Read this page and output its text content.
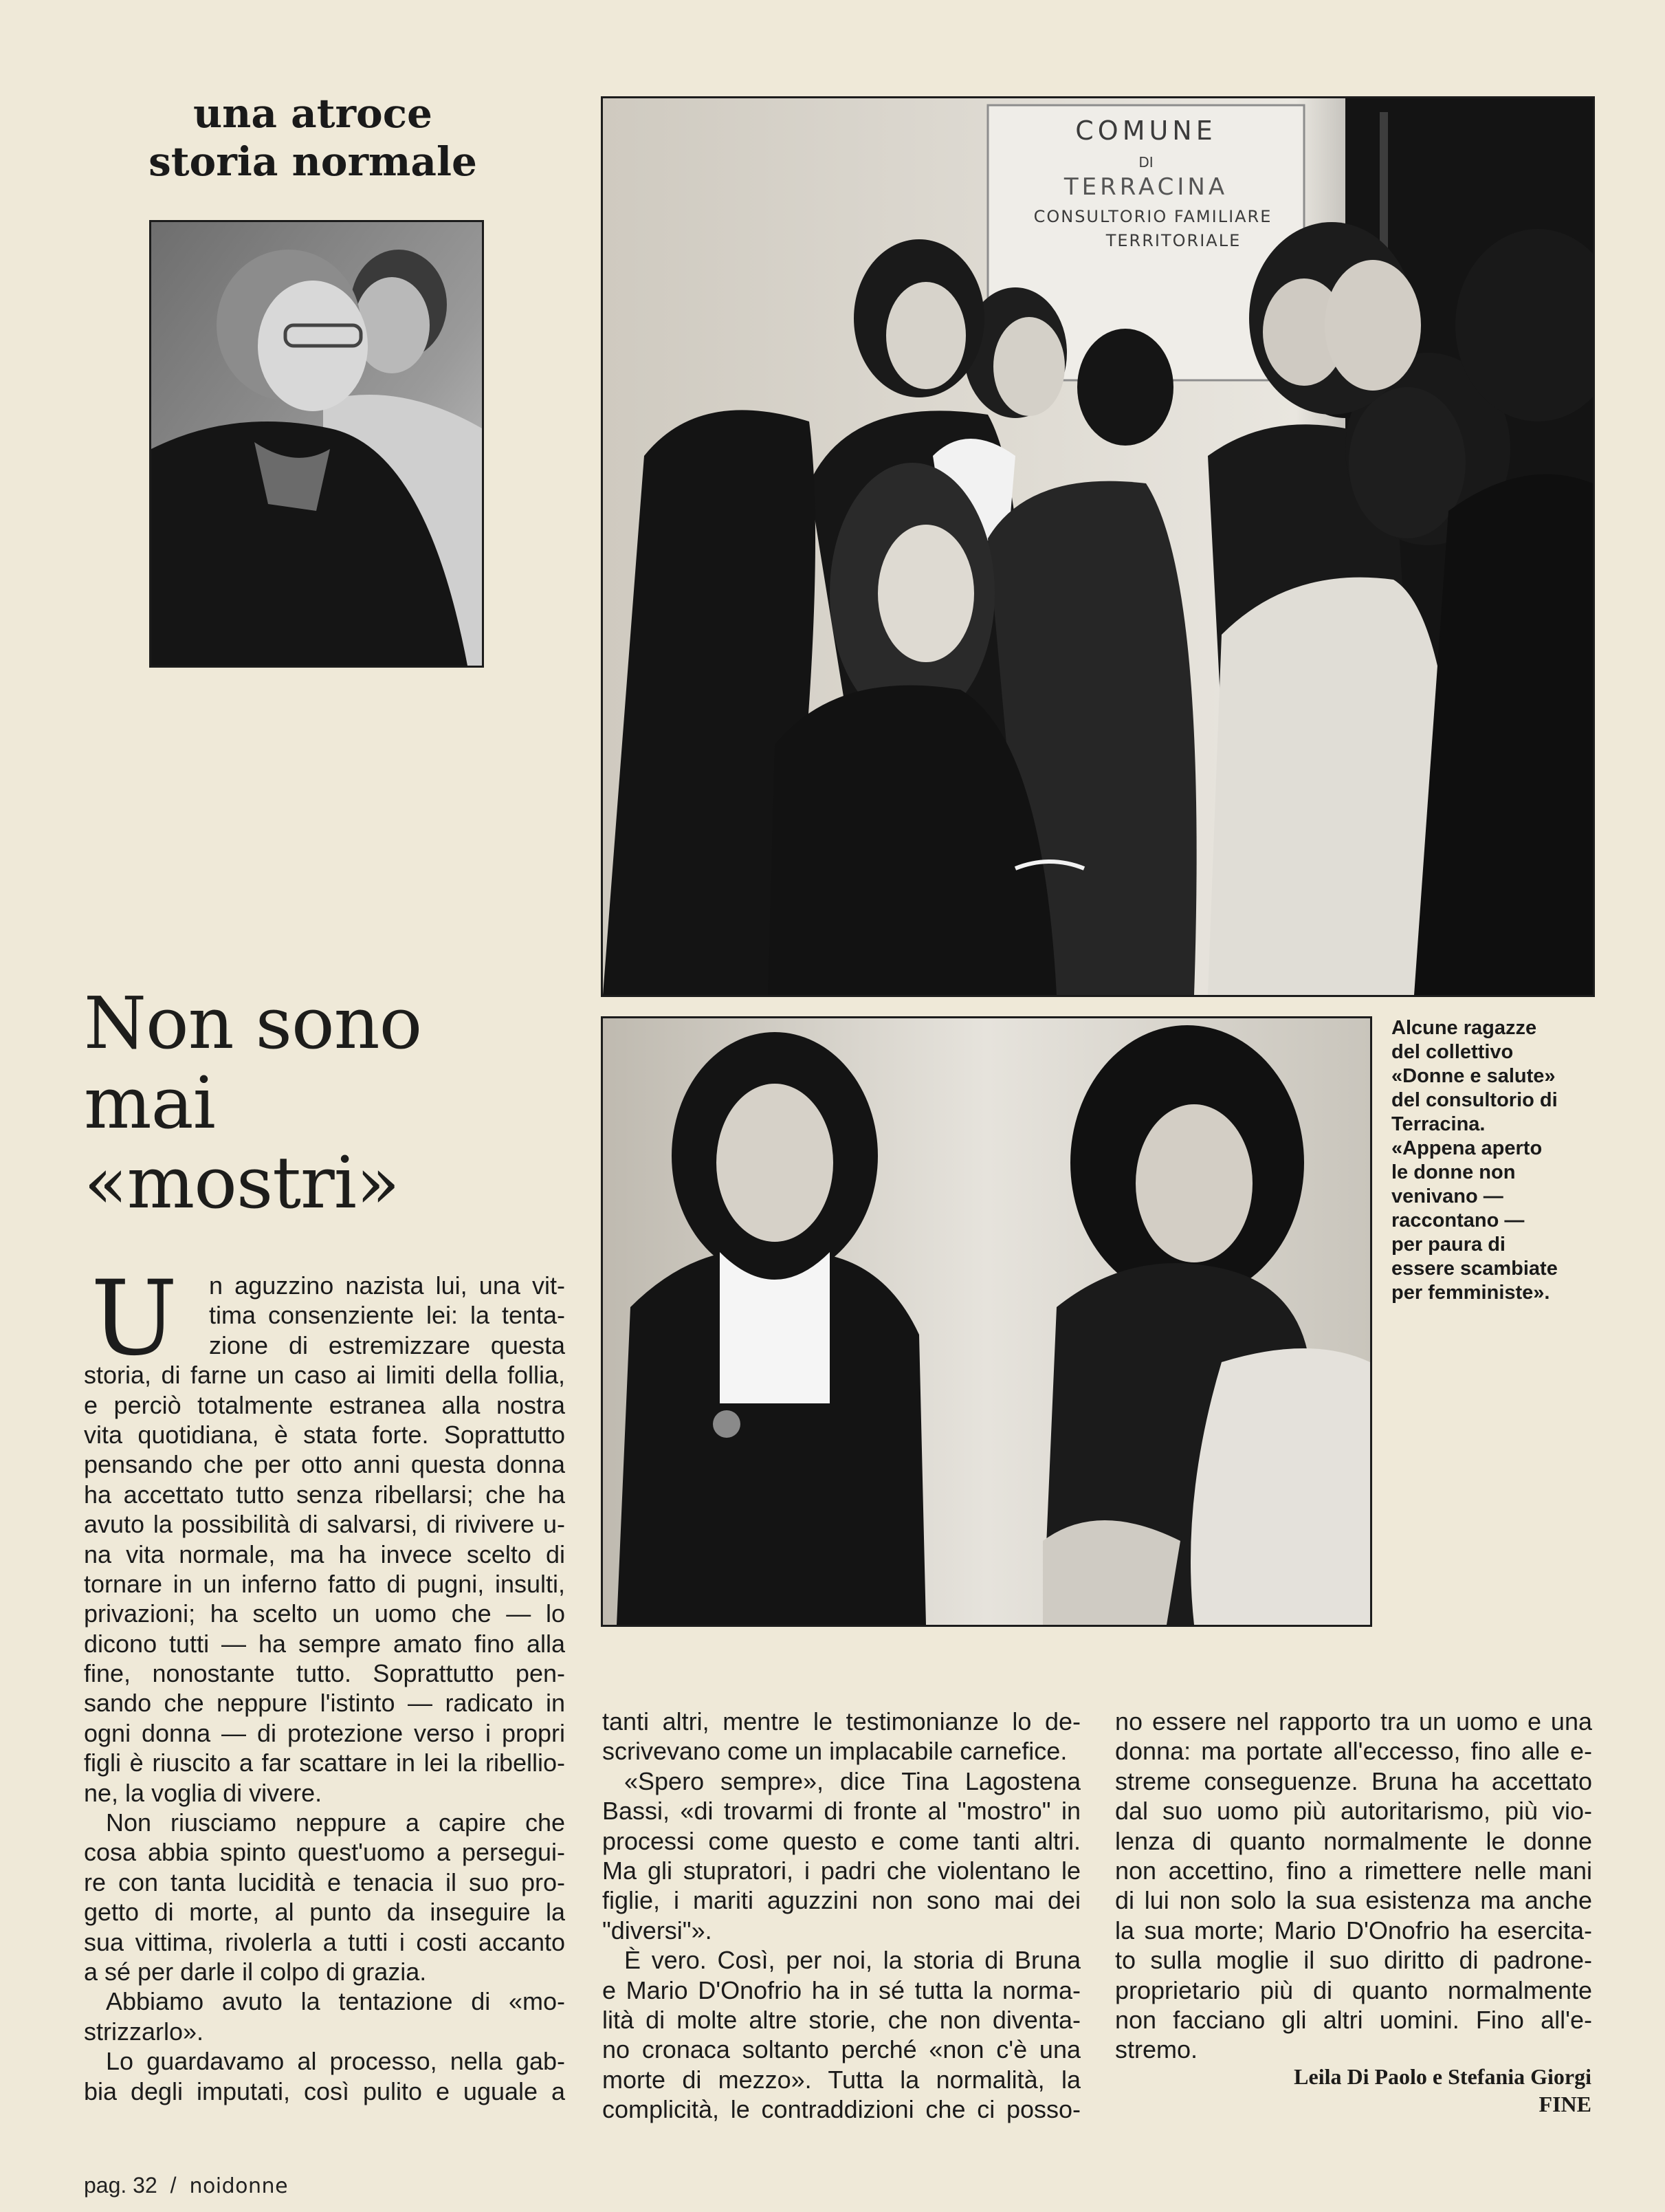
una atroce
storia normale
COMUNE
DI
TERRACINA
CONSULTORIO FAMILIARE
TERRITORIALE
Alcune ragazze
del collettivo
«Donne e salute»
del consultorio di
Terracina.
«Appena aperto
le donne non
venivano —
raccontano —
per paura di
essere scambiate
per femministe».
Non sono
mai
«mostri»
U	n aguzzino nazista lui, una vit-
tima consenziente lei: la tenta-
zione di estremizzare questa
storia, di farne un caso ai limiti della follia,
e perciò totalmente estranea alla nostra
vita quotidiana, è stata forte. Soprattutto
pensando che per otto anni questa donna
ha accettato tutto senza ribellarsi; che ha
avuto la possibilità di salvarsi, di rivivere u-
na vita normale, ma ha invece scelto di
tornare in un inferno fatto di pugni, insulti,
privazioni; ha scelto un uomo che — lo
dicono tutti — ha sempre amato fino alla
fine, nonostante tutto. Soprattutto pen-
sando che neppure l'istinto — radicato in
ogni donna — di protezione verso i propri
figli è riuscito a far scattare in lei la ribellio-
ne, la voglia di vivere.
Non riusciamo neppure a capire che
cosa abbia spinto quest'uomo a persegui-
re con tanta lucidità e tenacia il suo pro-
getto di morte, al punto da inseguire la
sua vittima, rivolerla a tutti i costi accanto
a sé per darle il colpo di grazia.
Abbiamo avuto la tentazione di «mo-
strizzarlo».
Lo guardavamo al processo, nella gab-
bia degli imputati, così pulito e uguale a
tanti altri, mentre le testimonianze lo de-
scrivevano come un implacabile carnefice.
«Spero sempre», dice Tina Lagostena
Bassi, «di trovarmi di fronte al "mostro" in
processi come questo e come tanti altri.
Ma gli stupratori, i padri che violentano le
figlie, i mariti aguzzini non sono mai dei
"diversi"».
È vero. Così, per noi, la storia di Bruna
e Mario D'Onofrio ha in sé tutta la norma-
lità di molte altre storie, che non diventa-
no cronaca soltanto perché «non c'è una
morte di mezzo». Tutta la normalità, la
complicità, le contraddizioni che ci posso-
no essere nel rapporto tra un uomo e una
donna: ma portate all'eccesso, fino alle e-
streme conseguenze. Bruna ha accettato
dal suo uomo più autoritarismo, più vio-
lenza di quanto normalmente le donne
non accettino, fino a rimettere nelle mani
di lui non solo la sua esistenza ma anche
la sua morte; Mario D'Onofrio ha esercita-
to sulla moglie il suo diritto di padrone-
proprietario più di quanto normalmente
non facciano gli altri uomini. Fino all'e-
stremo.
Leila Di Paolo e Stefania Giorgi
FINE
pag. 32 / noidonne
